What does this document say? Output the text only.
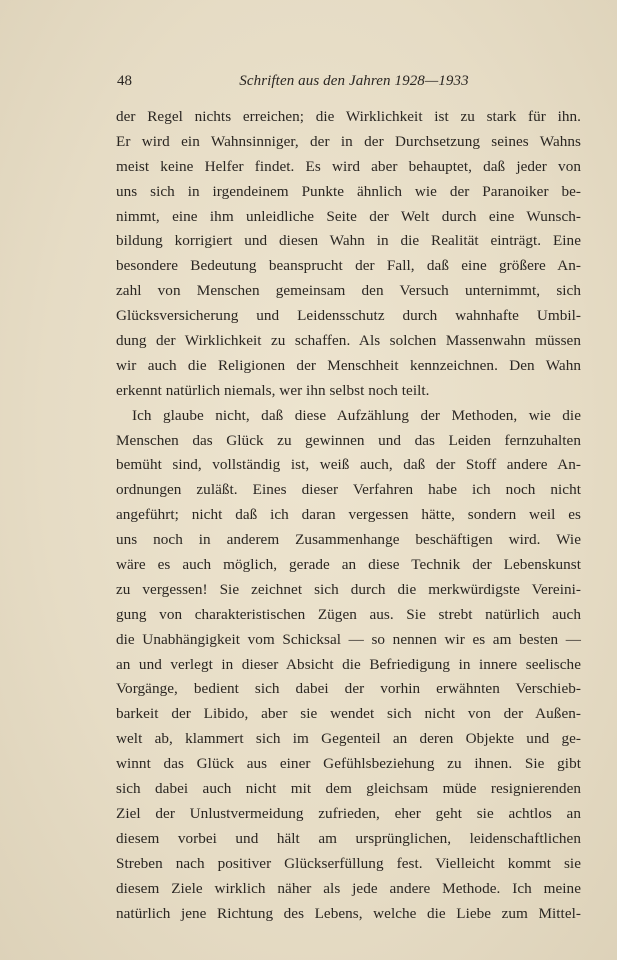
48	Schriften aus den Jahren 1928—1933
der Regel nichts erreichen; die Wirklichkeit ist zu stark für ihn.
Er wird ein Wahnsinniger, der in der Durchsetzung seines Wahns
meist keine Helfer findet. Es wird aber behauptet, daß jeder von
uns sich in irgendeinem Punkte ähnlich wie der Paranoiker be-
nimmt, eine ihm unleidliche Seite der Welt durch eine Wunsch-
bildung korrigiert und diesen Wahn in die Realität einträgt. Eine
besondere Bedeutung beansprucht der Fall, daß eine größere An-
zahl von Menschen gemeinsam den Versuch unternimmt, sich
Glücksversicherung und Leidensschutz durch wahnhafte Umbil-
dung der Wirklichkeit zu schaffen. Als solchen Massenwahn müssen
wir auch die Religionen der Menschheit kennzeichnen. Den Wahn
erkennt natürlich niemals, wer ihn selbst noch teilt.
Ich glaube nicht, daß diese Aufzählung der Methoden, wie die
Menschen das Glück zu gewinnen und das Leiden fernzuhalten
bemüht sind, vollständig ist, weiß auch, daß der Stoff andere An-
ordnungen zuläßt. Eines dieser Verfahren habe ich noch nicht
angeführt; nicht daß ich daran vergessen hätte, sondern weil es
uns noch in anderem Zusammenhange beschäftigen wird. Wie
wäre es auch möglich, gerade an diese Technik der Lebenskunst
zu vergessen! Sie zeichnet sich durch die merkwürdigste Vereini-
gung von charakteristischen Zügen aus. Sie strebt natürlich auch
die Unabhängigkeit vom Schicksal — so nennen wir es am besten —
an und verlegt in dieser Absicht die Befriedigung in innere seelische
Vorgänge, bedient sich dabei der vorhin erwähnten Verschieb-
barkeit der Libido, aber sie wendet sich nicht von der Außen-
welt ab, klammert sich im Gegenteil an deren Objekte und ge-
winnt das Glück aus einer Gefühlsbeziehung zu ihnen. Sie gibt
sich dabei auch nicht mit dem gleichsam müde resignierenden
Ziel der Unlustvermeidung zufrieden, eher geht sie achtlos an
diesem vorbei und hält am ursprünglichen, leidenschaftlichen
Streben nach positiver Glückserfüllung fest. Vielleicht kommt sie
diesem Ziele wirklich näher als jede andere Methode. Ich meine
natürlich jene Richtung des Lebens, welche die Liebe zum Mittel-
